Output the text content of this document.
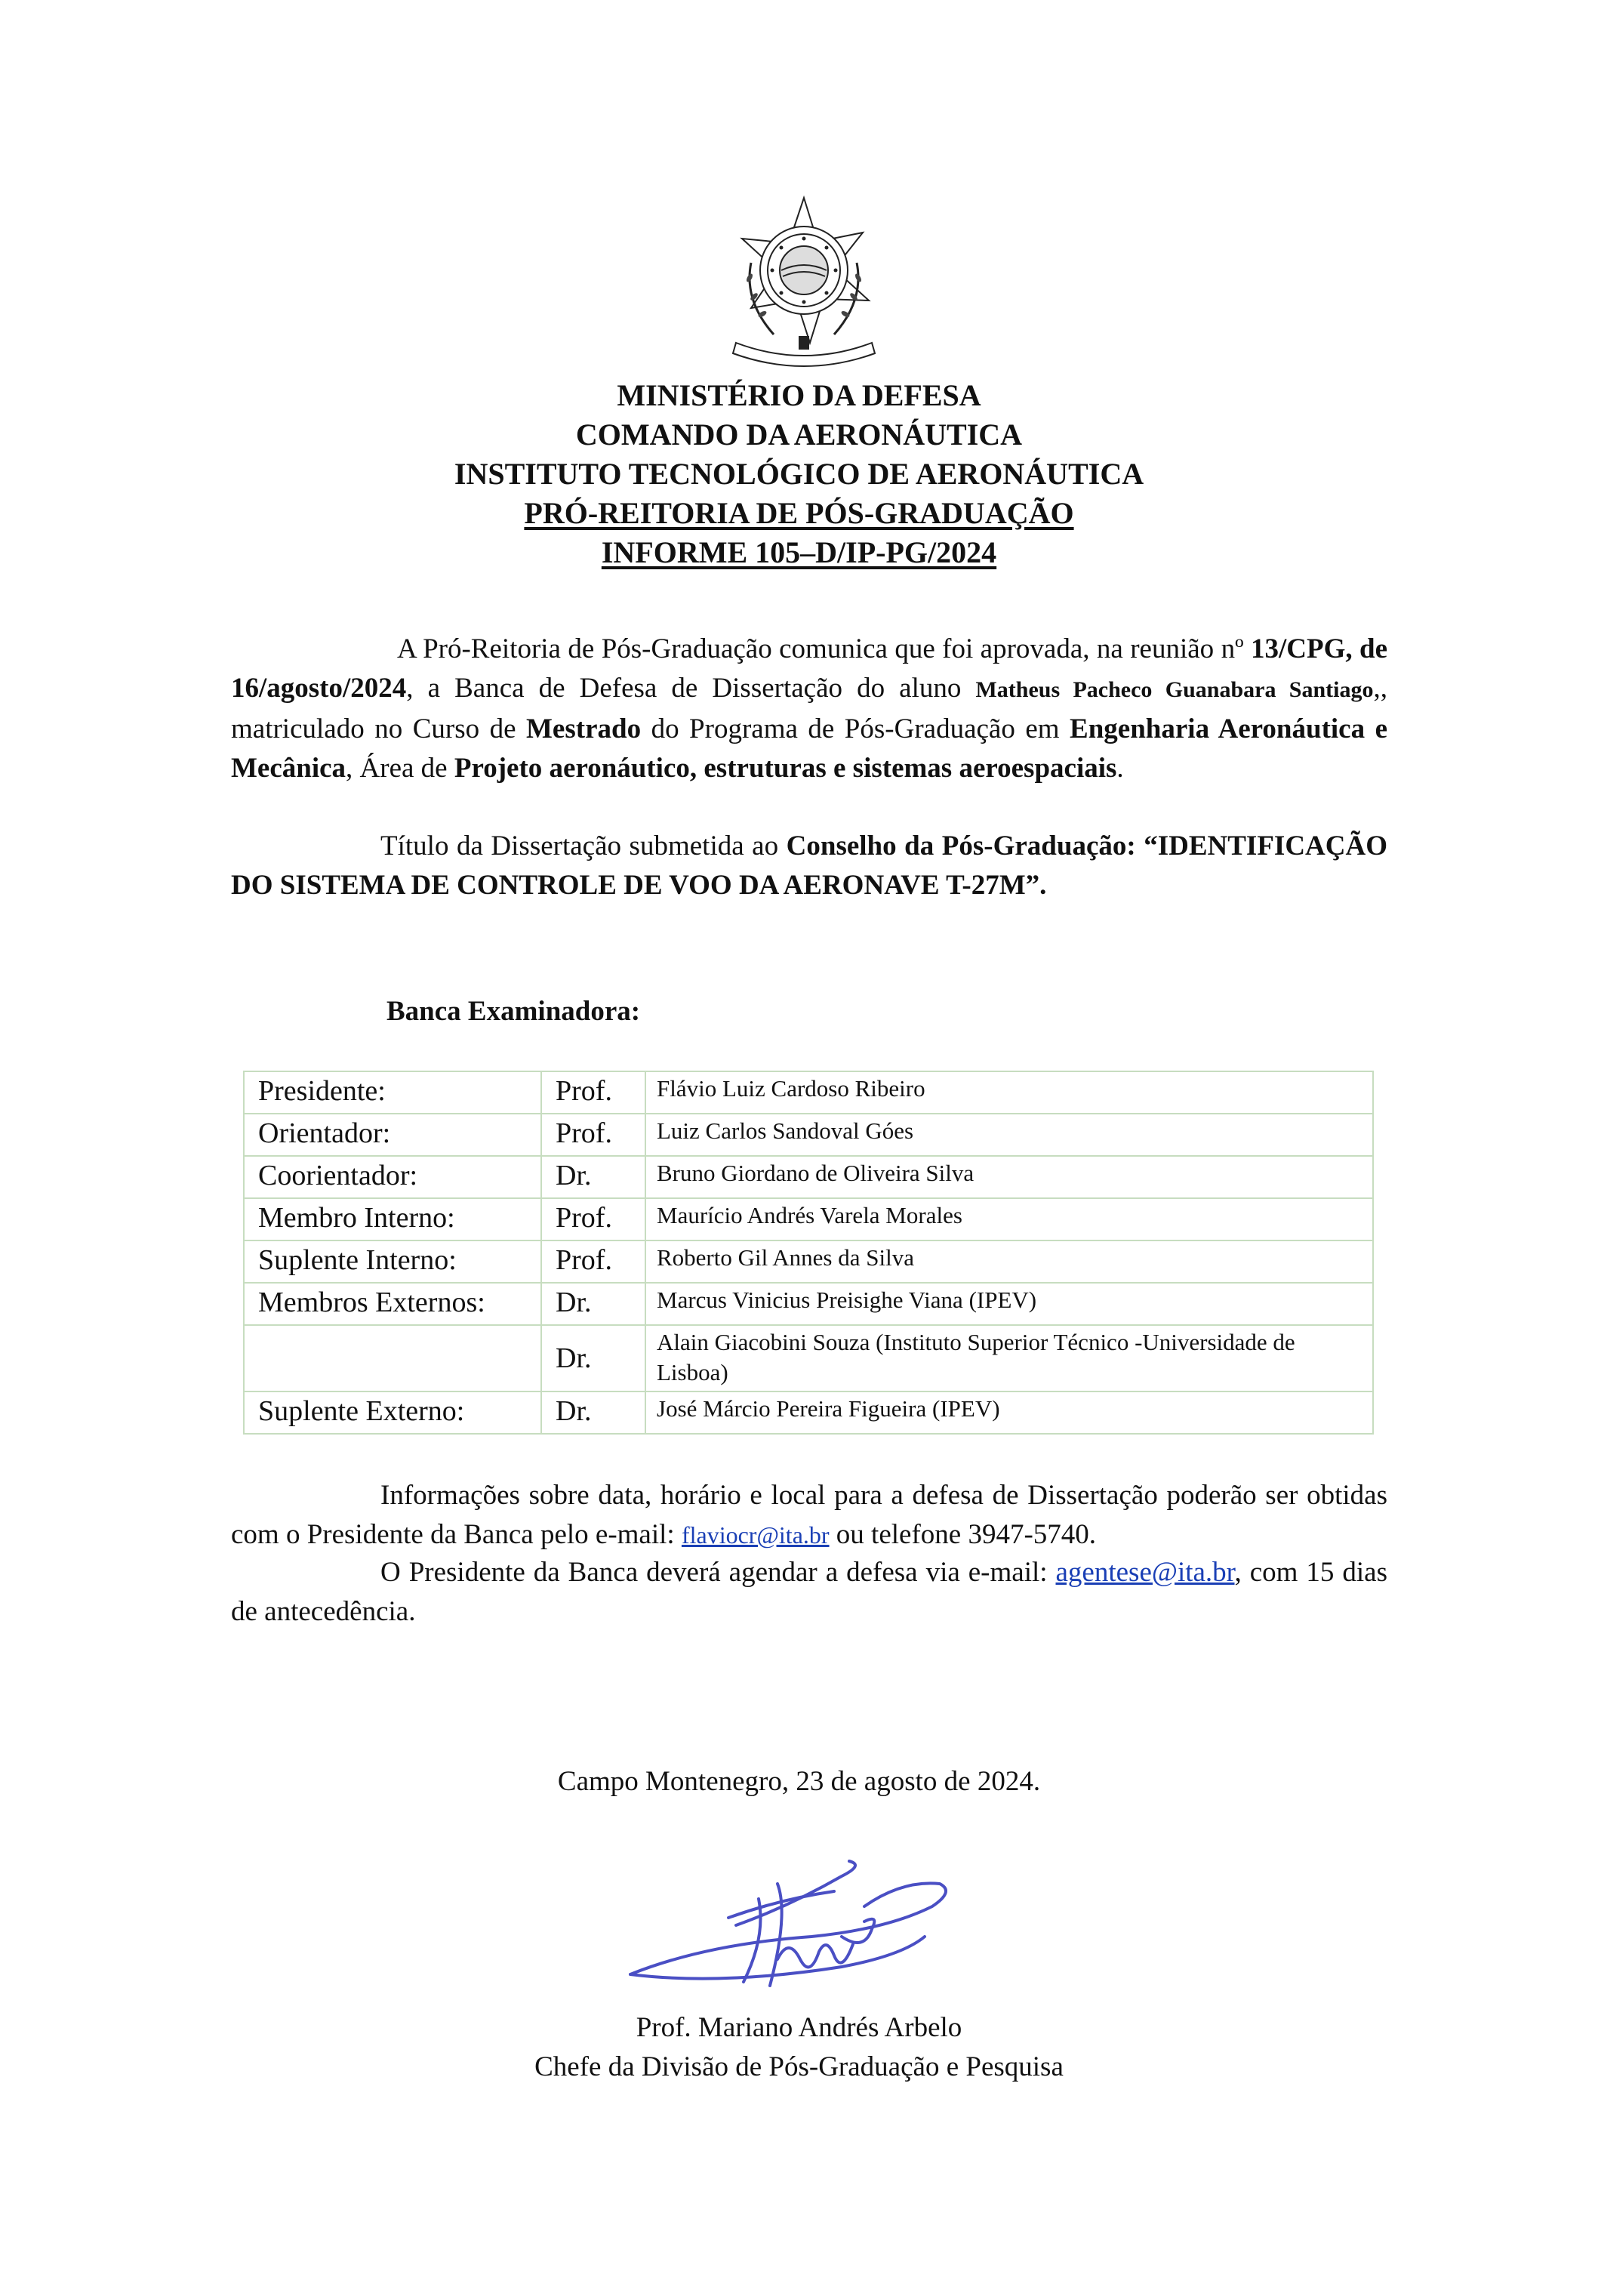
MINISTÉRIO DA DEFESA
COMANDO DA AERONÁUTICA
INSTITUTO TECNOLÓGICO DE AERONÁUTICA
PRÓ-REITORIA DE PÓS-GRADUAÇÃO
INFORME 105–D/IP-PG/2024
A Pró-Reitoria de Pós-Graduação comunica que foi aprovada, na reunião nº 13/CPG, de 16/agosto/2024, a Banca de Defesa de Dissertação do aluno Matheus Pacheco Guanabara Santiago,, matriculado no Curso de Mestrado do Programa de Pós-Graduação em Engenharia Aeronáutica e Mecânica, Área de Projeto aeronáutico, estruturas e sistemas aeroespaciais.
Título da Dissertação submetida ao Conselho da Pós-Graduação: “IDENTIFICAÇÃO DO SISTEMA DE CONTROLE DE VOO DA AERONAVE T-27M”.
Banca Examinadora:
Presidente:	Prof.	Flávio Luiz Cardoso Ribeiro
Orientador:	Prof.	Luiz Carlos Sandoval Góes
Coorientador:	Dr.	Bruno Giordano de Oliveira Silva
Membro Interno:	Prof.	Maurício Andrés Varela Morales
Suplente Interno:	Prof.	Roberto Gil Annes da Silva
Membros Externos:	Dr.	Marcus Vinicius Preisighe Viana (IPEV)
	Dr.	Alain Giacobini Souza (Instituto Superior Técnico -Universidade de Lisboa)
Suplente Externo:	Dr.	José Márcio Pereira Figueira (IPEV)
Informações sobre data, horário e local para a defesa de Dissertação poderão ser obtidas com o Presidente da Banca pelo e-mail: flaviocr@ita.br ou telefone 3947-5740.
O Presidente da Banca deverá agendar a defesa via e-mail: agentese@ita.br, com 15 dias de antecedência.
Campo Montenegro, 23 de agosto de 2024.
Prof. Mariano Andrés Arbelo
Chefe da Divisão de Pós-Graduação e Pesquisa
